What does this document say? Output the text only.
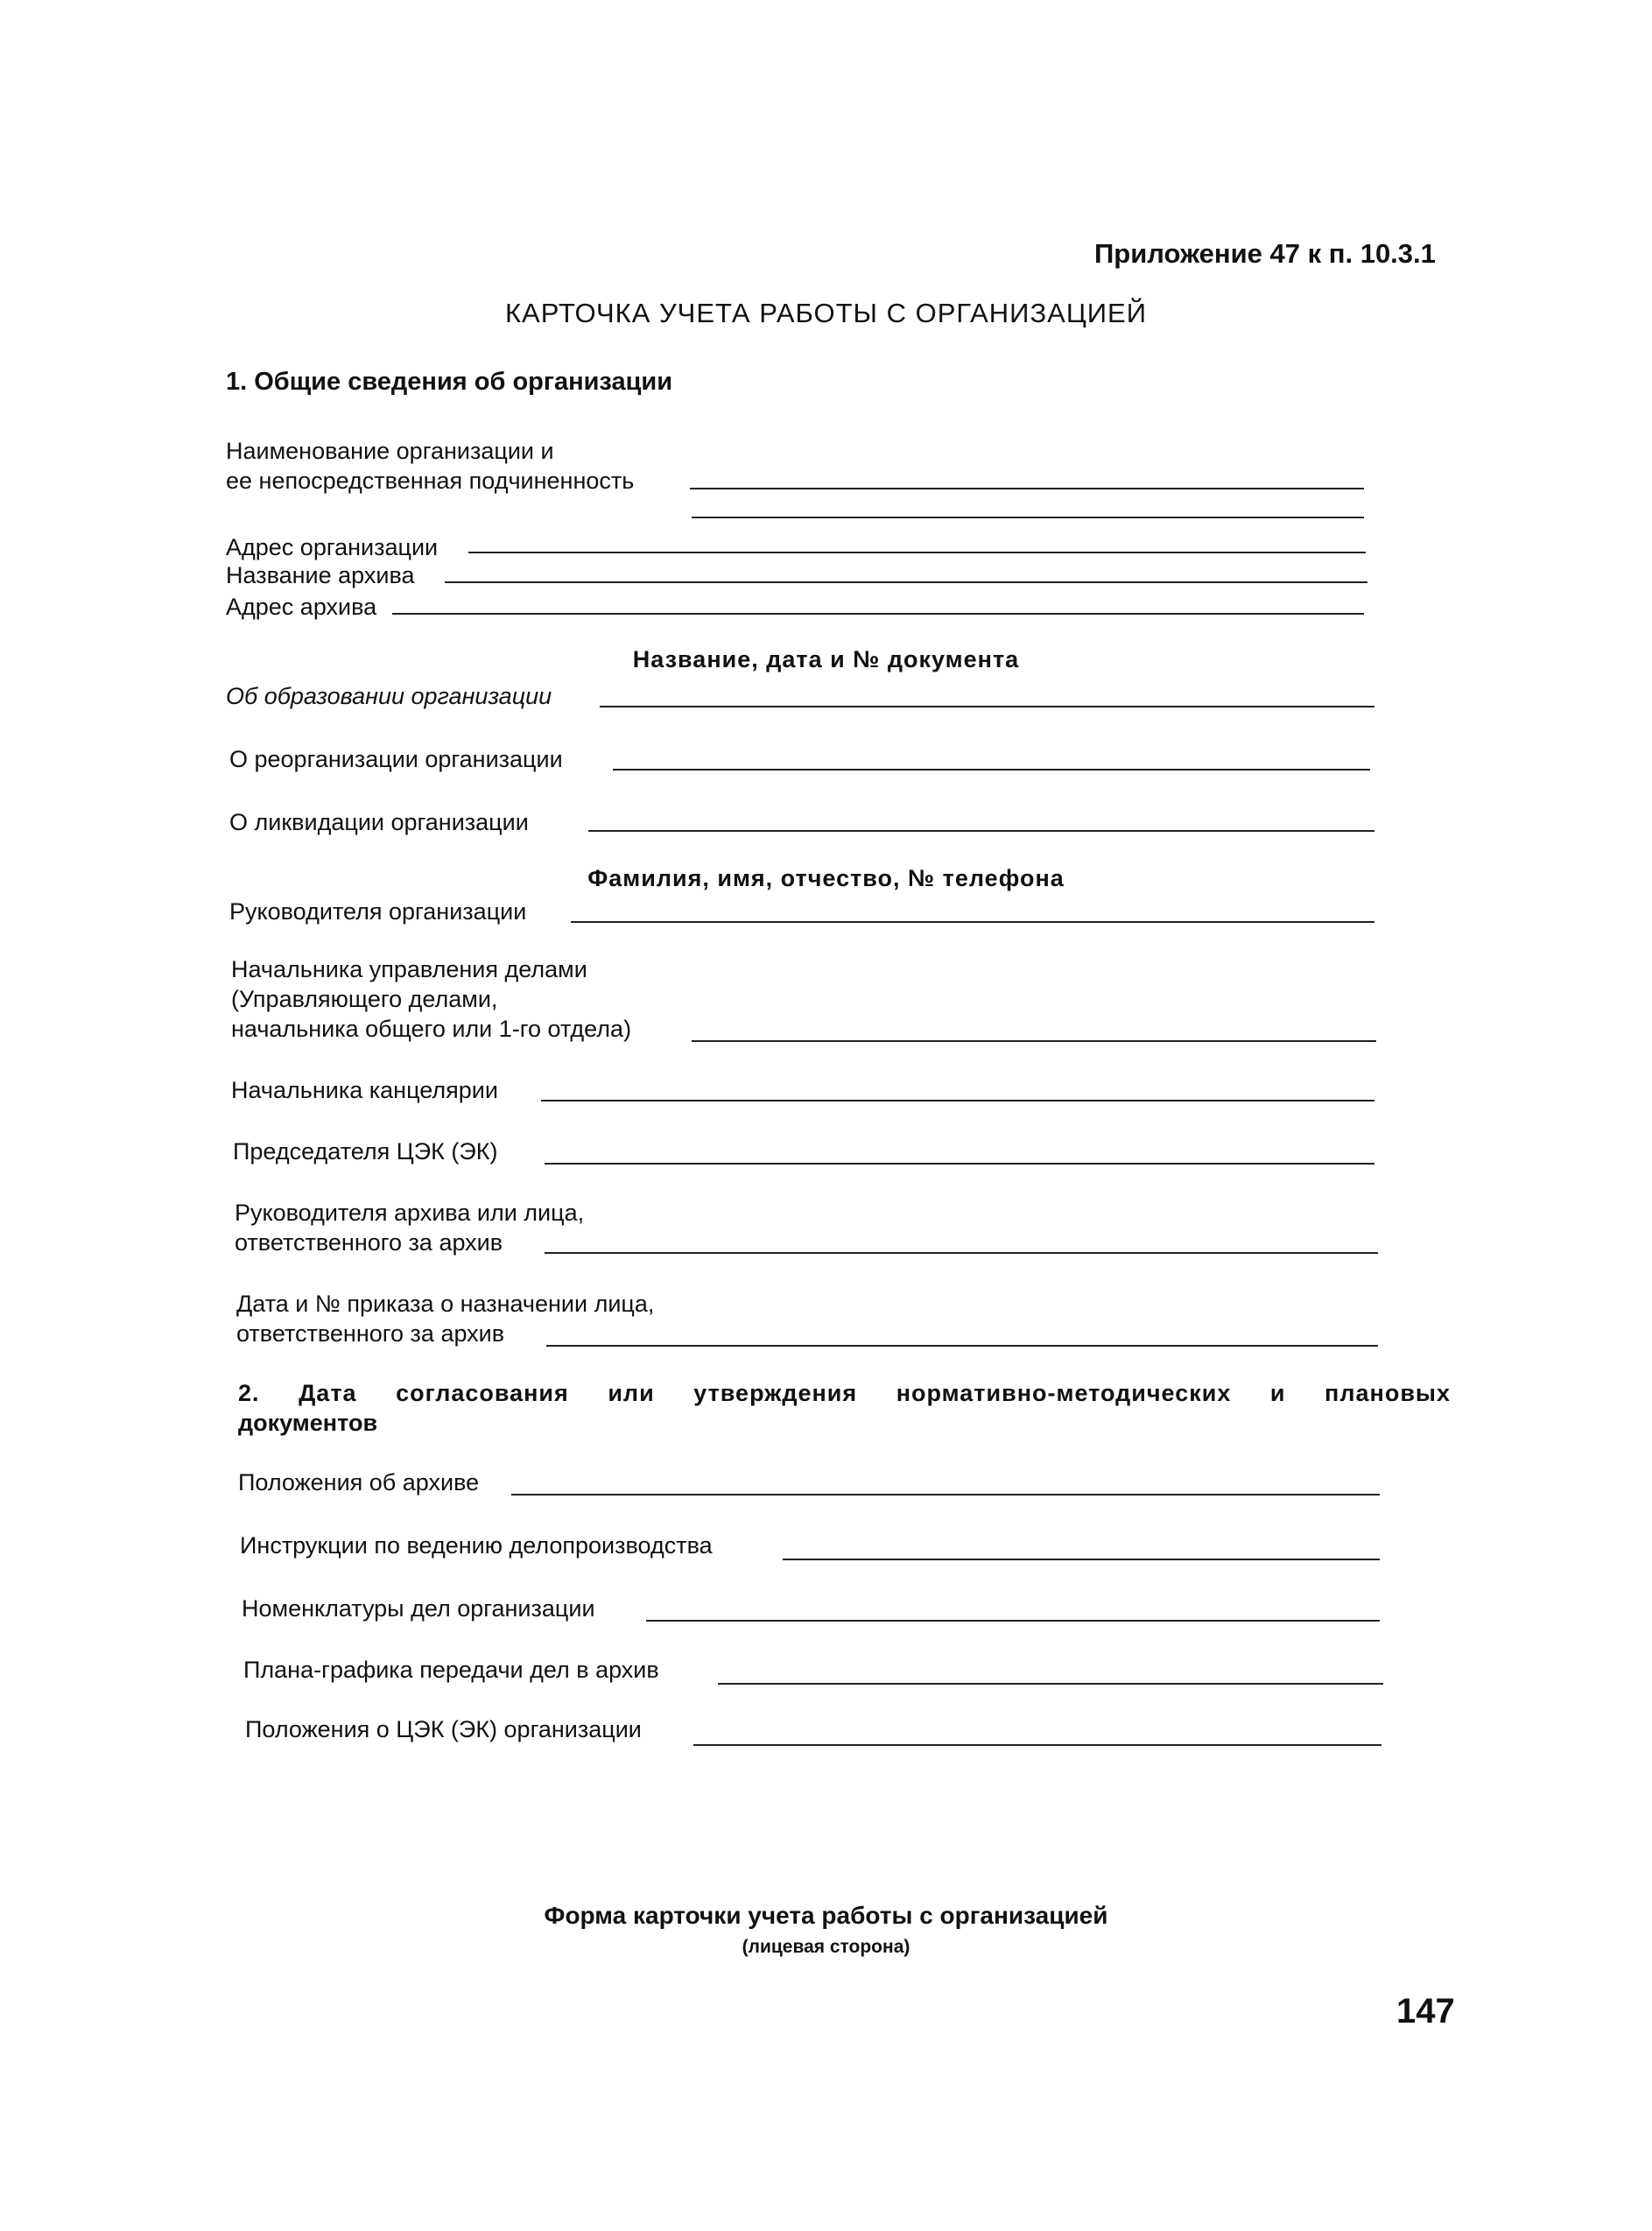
Приложение 47 к п. 10.3.1
КАРТОЧКА УЧЕТА РАБОТЫ С ОРГАНИЗАЦИЕЙ
1. Общие сведения об организации
Наименование организации и
ее непосредственная подчиненность
Адрес организации
Название архива
Адрес архива
Название, дата и № документа
Об образовании организации
О реорганизации организации
О ликвидации организации
Фамилия, имя, отчество, № телефона
Руководителя организации
Начальника управления делами
(Управляющего делами,
начальника общего или 1-го отдела)
Начальника канцелярии
Председателя ЦЭК (ЭК)
Руководителя архива или лица,
ответственного за архив
Дата и № приказа о назначении лица,
ответственного за архив
2. Дата согласования или утверждения нормативно-методических и плановых
документов
Положения об архиве
Инструкции по ведению делопроизводства
Номенклатуры дел организации
Плана-графика передачи дел в архив
Положения о ЦЭК (ЭК) организации
Форма карточки учета работы с организацией
(лицевая сторона)
147
